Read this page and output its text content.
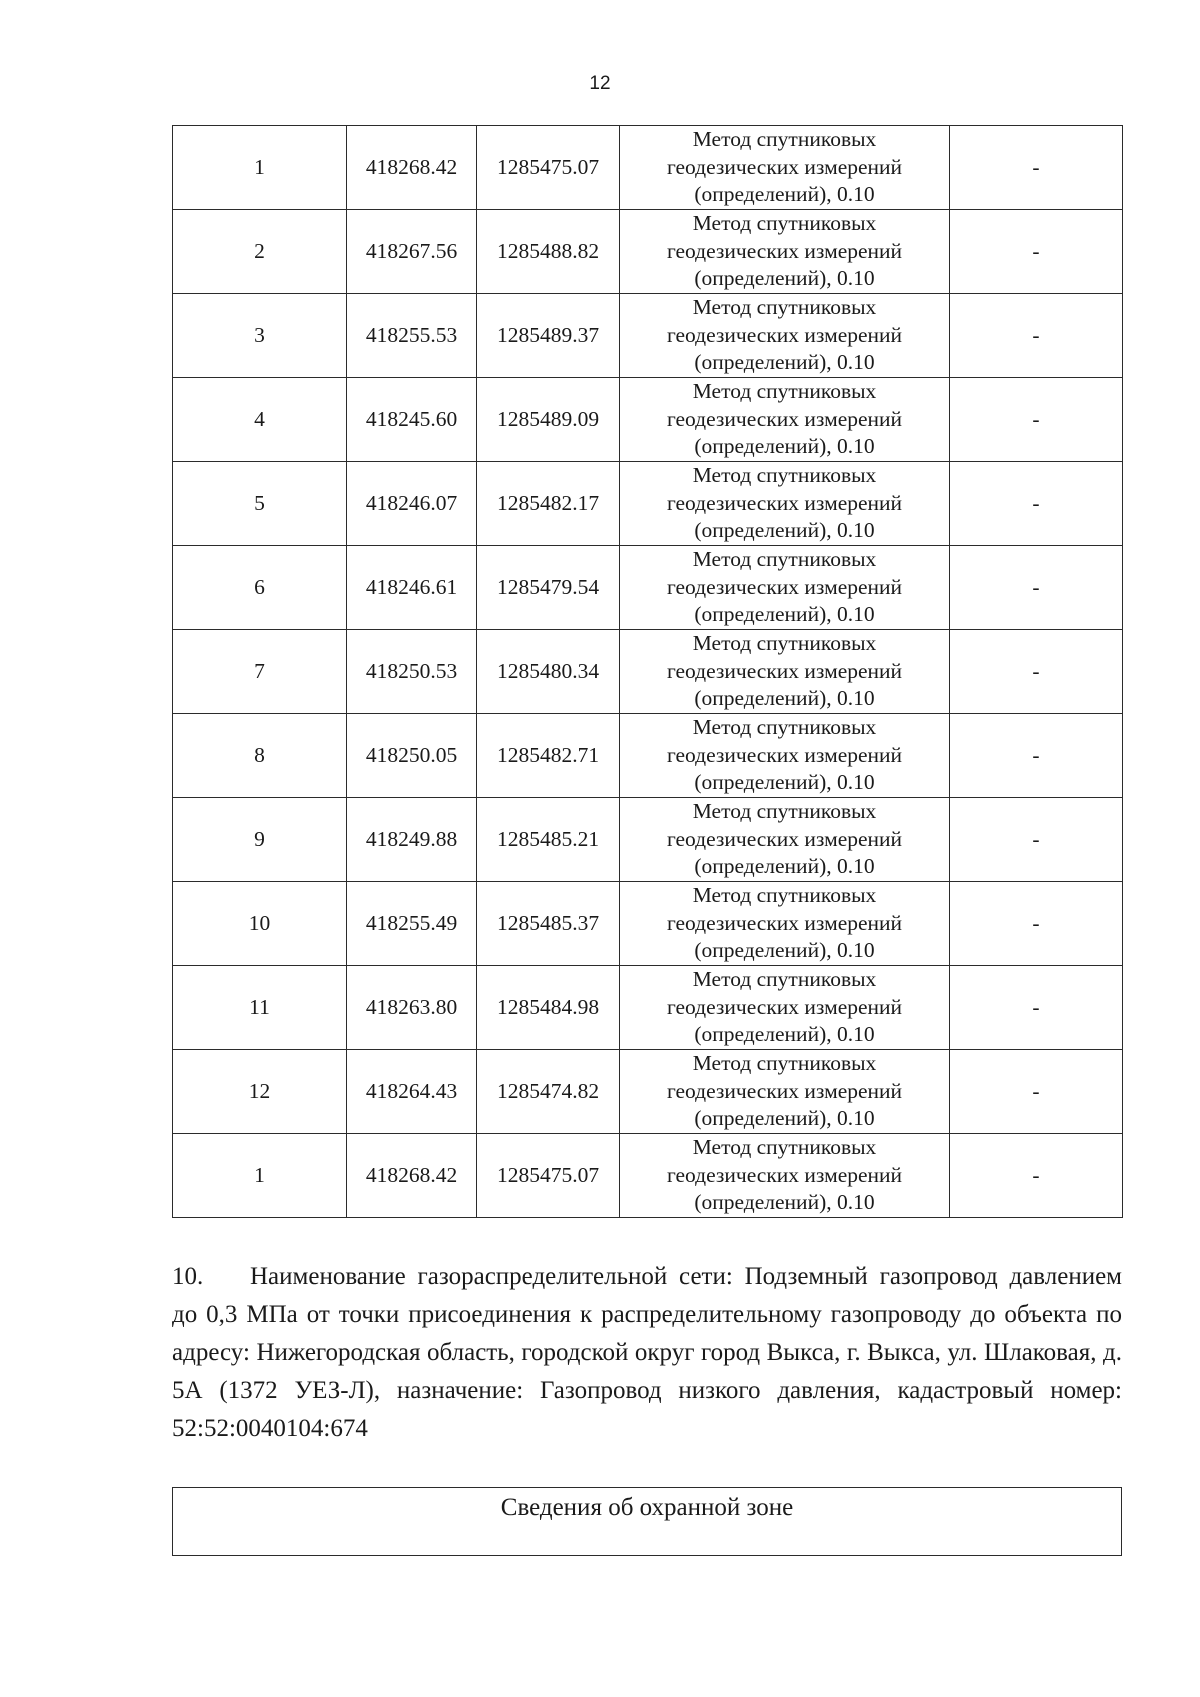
12
1	418268.42	1285475.07	Метод спутниковых
геодезических измерений
(определений), 0.10	-
2	418267.56	1285488.82	Метод спутниковых
геодезических измерений
(определений), 0.10	-
3	418255.53	1285489.37	Метод спутниковых
геодезических измерений
(определений), 0.10	-
4	418245.60	1285489.09	Метод спутниковых
геодезических измерений
(определений), 0.10	-
5	418246.07	1285482.17	Метод спутниковых
геодезических измерений
(определений), 0.10	-
6	418246.61	1285479.54	Метод спутниковых
геодезических измерений
(определений), 0.10	-
7	418250.53	1285480.34	Метод спутниковых
геодезических измерений
(определений), 0.10	-
8	418250.05	1285482.71	Метод спутниковых
геодезических измерений
(определений), 0.10	-
9	418249.88	1285485.21	Метод спутниковых
геодезических измерений
(определений), 0.10	-
10	418255.49	1285485.37	Метод спутниковых
геодезических измерений
(определений), 0.10	-
11	418263.80	1285484.98	Метод спутниковых
геодезических измерений
(определений), 0.10	-
12	418264.43	1285474.82	Метод спутниковых
геодезических измерений
(определений), 0.10	-
1	418268.42	1285475.07	Метод спутниковых
геодезических измерений
(определений), 0.10	-
10. Наименование газораспределительной сети: Подземный газопровод давлением до 0,3 МПа от точки присоединения к распределительному газопроводу до объекта по адресу: Нижегородская область, городской округ город Выкса, г. Выкса, ул. Шлаковая, д. 5А (1372 УЕЗ-Л), назначение: Газопровод низкого давления, кадастровый номер: 52:52:0040104:674
Сведения об охранной зоне
